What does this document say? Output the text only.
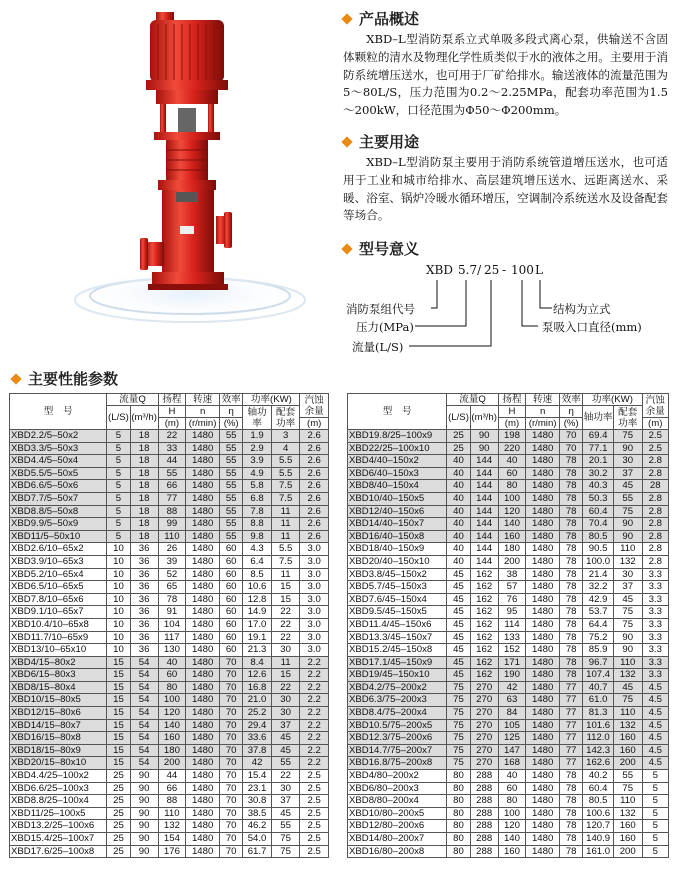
产品概述
XBD–L型消防泵系立式单吸多段式离心泵，供输送不含固体颗粒的清水及物理化学性质类似于水的液体之用。主要用于消防系统增压送水，也可用于厂矿给排水。输送液体的流量范围为5～80L/S，压力范围为0.2～2.25MPa，配套功率范围为1.5～200kW，口径范围为Φ50～Φ200mm。
主要用途
XBD–L型消防泵主要用于消防系统管道增压送水，也可适用于工业和城市给排水、高层建筑增压送水、远距离送水、采暖、浴室、锅炉冷暖水循环增压，空调制冷系统送水及设备配套等场合。
型号意义
XBD 5.7/ 25 - 100 L
结构为立式
消防泵组代号
泵吸入口直径(mm)
压力(MPa)
流量(L/S)
主要性能参数
型　号	流量Q		扬程	转速	效率	功率(KW)		汽蚀余量
	(L/S)	(m³/h)	H	n	η	轴功率	配套功率	
			(m)	(r/min)	(%)			(m)
XBD2.2/5–50x2	5	18	22	1480	55	1.9	3	2.6
XBD3.3/5–50x3	5	18	33	1480	55	2.9	4	2.6
XBD4.4/5–50x4	5	18	44	1480	55	3.9	5.5	2.6
XBD5.5/5–50x5	5	18	55	1480	55	4.9	5.5	2.6
XBD6.6/5–50x6	5	18	66	1480	55	5.8	7.5	2.6
XBD7.7/5–50x7	5	18	77	1480	55	6.8	7.5	2.6
XBD8.8/5–50x8	5	18	88	1480	55	7.8	11	2.6
XBD9.9/5–50x9	5	18	99	1480	55	8.8	11	2.6
XBD11/5–50x10	5	18	110	1480	55	9.8	11	2.6
XBD2.6/10–65x2	10	36	26	1480	60	4.3	5.5	3.0
XBD3.9/10–65x3	10	36	39	1480	60	6.4	7.5	3.0
XBD5.2/10–65x4	10	36	52	1480	60	8.5	11	3.0
XBD6.5/10–65x5	10	36	65	1480	60	10.6	15	3.0
XBD7.8/10–65x6	10	36	78	1480	60	12.8	15	3.0
XBD9.1/10–65x7	10	36	91	1480	60	14.9	22	3.0
XBD10.4/10–65x8	10	36	104	1480	60	17.0	22	3.0
XBD11.7/10–65x9	10	36	117	1480	60	19.1	22	3.0
XBD13/10–65x10	10	36	130	1480	60	21.3	30	3.0
XBD4/15–80x2	15	54	40	1480	70	8.4	11	2.2
XBD6/15–80x3	15	54	60	1480	70	12.6	15	2.2
XBD8/15–80x4	15	54	80	1480	70	16.8	22	2.2
XBD10/15–80x5	15	54	100	1480	70	21.0	30	2.2
XBD12/15–80x6	15	54	120	1480	70	25.2	30	2.2
XBD14/15–80x7	15	54	140	1480	70	29.4	37	2.2
XBD16/15–80x8	15	54	160	1480	70	33.6	45	2.2
XBD18/15–80x9	15	54	180	1480	70	37.8	45	2.2
XBD20/15–80x10	15	54	200	1480	70	42	55	2.2
XBD4.4/25–100x2	25	90	44	1480	70	15.4	22	2.5
XBD6.6/25–100x3	25	90	66	1480	70	23.1	30	2.5
XBD8.8/25–100x4	25	90	88	1480	70	30.8	37	2.5
XBD11/25–100x5	25	90	110	1480	70	38.5	45	2.5
XBD13.2/25–100x6	25	90	132	1480	70	46.2	55	2.5
XBD15.4/25–100x7	25	90	154	1480	70	54.0	75	2.5
XBD17.6/25–100x8	25	90	176	1480	70	61.7	75	2.5
型　号	流量Q		扬程	转速	效率	功率(KW)		汽蚀余量
	(L/S)	(m³/h)	H	n	η	轴功率	配套功率	
			(m)	(r/min)	(%)			(m)
XBD19.8/25–100x9	25	90	198	1480	70	69.4	75	2.5
XBD22/25–100x10	25	90	220	1480	70	77.1	90	2.5
XBD4/40–150x2	40	144	40	1480	78	20.1	30	2.8
XBD6/40–150x3	40	144	60	1480	78	30.2	37	2.8
XBD8/40–150x4	40	144	80	1480	78	40.3	45	28
XBD10/40–150x5	40	144	100	1480	78	50.3	55	2.8
XBD12/40–150x6	40	144	120	1480	78	60.4	75	2.8
XBD14/40–150x7	40	144	140	1480	78	70.4	90	2.8
XBD16/40–150x8	40	144	160	1480	78	80.5	90	2.8
XBD18/40–150x9	40	144	180	1480	78	90.5	110	2.8
XBD20/40–150x10	40	144	200	1480	78	100.0	132	2.8
XBD3.8/45–150x2	45	162	38	1480	78	21.4	30	3.3
XBD5.7/45–150x3	45	162	57	1480	78	32.2	37	3.3
XBD7.6/45–150x4	45	162	76	1480	78	42.9	45	3.3
XBD9.5/45–150x5	45	162	95	1480	78	53.7	75	3.3
XBD11.4/45–150x6	45	162	114	1480	78	64.4	75	3.3
XBD13.3/45–150x7	45	162	133	1480	78	75.2	90	3.3
XBD15.2/45–150x8	45	162	152	1480	78	85.9	90	3.3
XBD17.1/45–150x9	45	162	171	1480	78	96.7	110	3.3
XBD19/45–150x10	45	162	190	1480	78	107.4	132	3.3
XBD4.2/75–200x2	75	270	42	1480	77	40.7	45	4.5
XBD6.3/75–200x3	75	270	63	1480	77	61.0	75	4.5
XBD8.4/75–200x4	75	270	84	1480	77	81.3	110	4.5
XBD10.5/75–200x5	75	270	105	1480	77	101.6	132	4.5
XBD12.3/75–200x6	75	270	125	1480	77	112.0	160	4.5
XBD14.7/75–200x7	75	270	147	1480	77	142.3	160	4.5
XBD16.8/75–200x8	75	270	168	1480	77	162.6	200	4.5
XBD4/80–200x2	80	288	40	1480	78	40.2	55	5
XBD6/80–200x3	80	288	60	1480	78	60.4	75	5
XBD8/80–200x4	80	288	80	1480	78	80.5	110	5
XBD10/80–200x5	80	288	100	1480	78	100.6	132	5
XBD12/80–200x6	80	288	120	1480	78	120.7	160	5
XBD14/80–200x7	80	288	140	1480	78	140.9	160	5
XBD16/80–200x8	80	288	160	1480	78	161.0	200	5
